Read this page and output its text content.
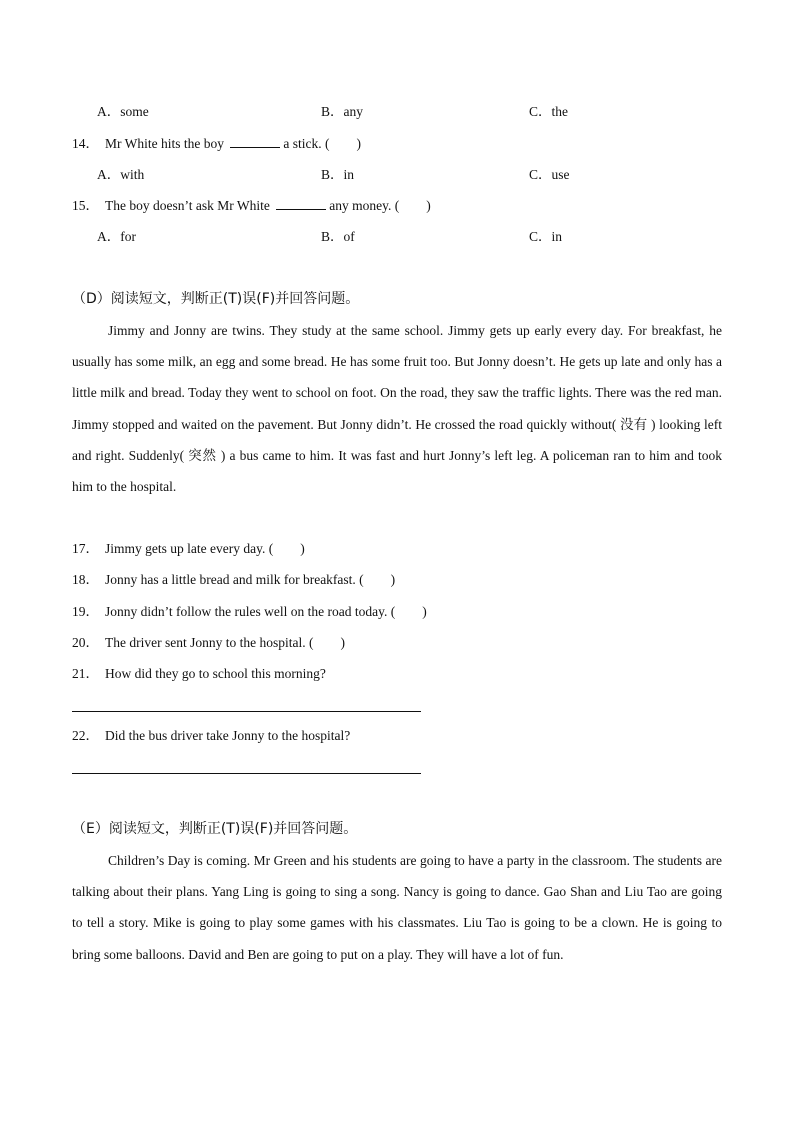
A．some	B．any	C．the
14． Mr White hits the boy	a stick. (　　)
A．with	B．in	C．use
15． The boy doesn’t ask Mr White	any money. (　　)
A．for	B．of	C．in
（D）阅读短文，判断正(T)误(F)并回答问题。

Jimmy and Jonny are twins. They study at the same school. Jimmy gets up early every day. For breakfast, he usually has some milk, an egg and some bread. He has some fruit too. But Jonny doesn’t. He gets up late and only has a little milk and bread. Today they went to school on foot. On the road, they saw the traffic lights. There was the red man. Jimmy stopped and waited on the pavement. But Jonny didn’t. He crossed the road quickly without( 没有 ) looking left and right. Suddenly( 突然 ) a bus came to him. It was fast and hurt Jonny’s left leg. A policeman ran to him and took him to the hospital.

17． Jimmy gets up late every day. (　　)
18． Jonny has a little bread and milk for breakfast. (　　)
19． Jonny didn’t follow the rules well on the road today. (　　)
20． The driver sent Jonny to the hospital. (　　)
21． How did they go to school this morning?
22． Did the bus driver take Jonny to the hospital?
（E）阅读短文，判断正(T)误(F)并回答问题。

Children’s Day is coming. Mr Green and his students are going to have a party in the classroom. The students are talking about their plans. Yang Ling is going to sing a song. Nancy is going to dance. Gao Shan and Liu Tao are going to tell a story. Mike is going to play some games with his classmates. Liu Tao is going to be a clown. He is going to bring some balloons. David and Ben are going to put on a play. They will have a lot of fun.
